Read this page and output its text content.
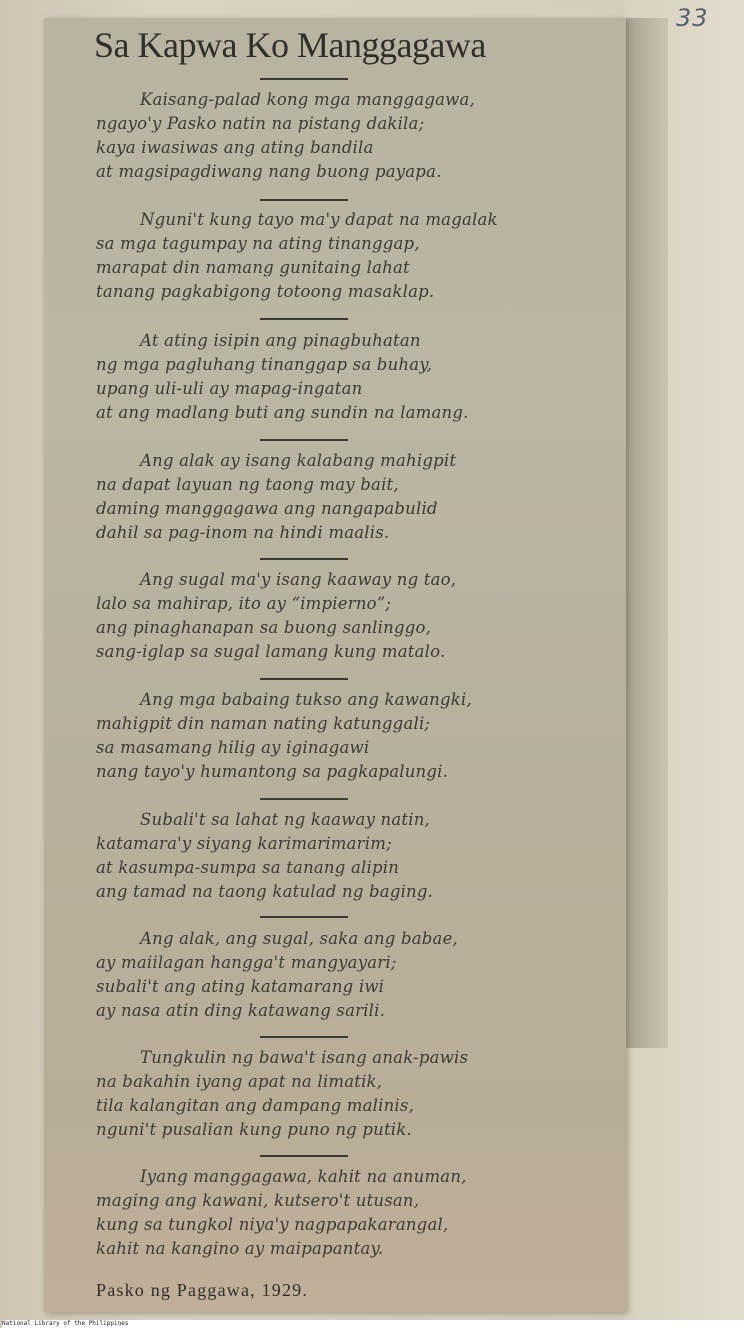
33
Sa Kapwa Ko Manggagawa
Kaisang-palad kong mga manggagawa,
ngayo'y Pasko natin na pistang dakila;
kaya iwasiwas ang ating bandila
at magsipagdiwang nang buong payapa.
Nguni't kung tayo ma'y dapat na magalak
sa mga tagumpay na ating tinanggap,
marapat din namang gunitaing lahat
tanang pagkabigong totoong masaklap.
At ating isipin ang pinagbuhatan
ng mga pagluhang tinanggap sa buhay,
upang uli-uli ay mapag-ingatan
at ang madlang buti ang sundin na lamang.
Ang alak ay isang kalabang mahigpit
na dapat layuan ng taong may bait,
daming manggagawa ang nangapabulid
dahil sa pag-inom na hindi maalis.
Ang sugal ma'y isang kaaway ng tao,
lalo sa mahirap, ito ay “impierno”;
ang pinaghanapan sa buong sanlinggo,
sang-iglap sa sugal lamang kung matalo.
Ang mga babaing tukso ang kawangki,
mahigpit din naman nating katunggali;
sa masamang hilig ay iginagawi
nang tayo'y humantong sa pagkapalungi.
Subali't sa lahat ng kaaway natin,
katamara'y siyang karimarimarim;
at kasumpa-sumpa sa tanang alipin
ang tamad na taong katulad ng baging.
Ang alak, ang sugal, saka ang babae,
ay maiilagan hangga't mangyayari;
subali't ang ating katamarang iwi
ay nasa atin ding katawang sarili.
Tungkulin ng bawa't isang anak-pawis
na bakahin iyang apat na limatik,
tila kalangitan ang dampang malinis,
nguni't pusalian kung puno ng putik.
Iyang manggagawa, kahit na anuman,
maging ang kawani, kutsero't utusan,
kung sa tungkol niya'y nagpapakarangal,
kahit na kangino ay maipapantay.
Pasko ng Paggawa, 1929.
National Library of the Philippines
